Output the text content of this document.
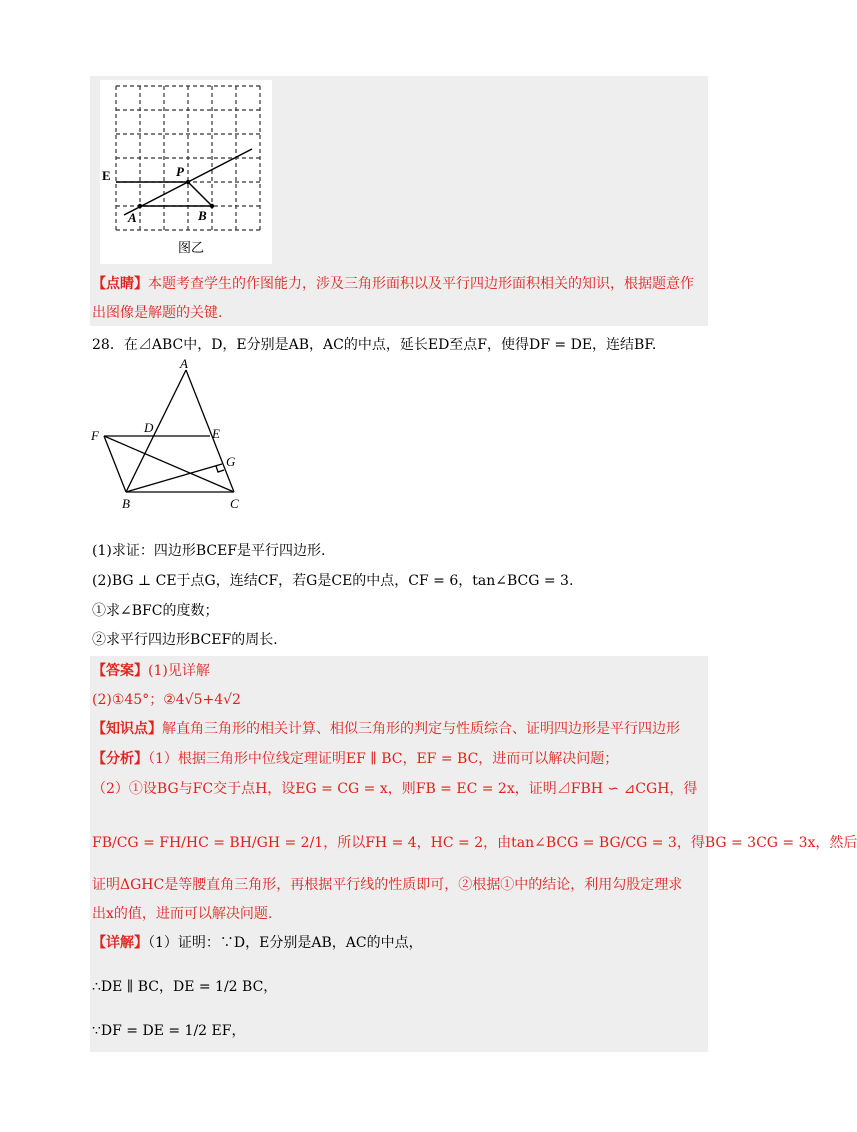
E	P
A	B
图乙
【点睛】本题考查学生的作图能力，涉及三角形面积以及平行四边形面积相关的知识，根据题意作
出图像是解题的关键.
28．在⊿ABC中，D，E分别是AB，AC的中点，延长ED至点F，使得DF = DE，连结BF.
A
D	E
F
G
B	C
(1)求证：四边形BCEF是平行四边形.
(2)BG ⊥ CE于点G，连结CF，若G是CE的中点，CF = 6，tan∠BCG = 3.
①求∠BFC的度数；
②求平行四边形BCEF的周长.
【答案】(1)见详解
(2)①45°；②4√5+4√2
【知识点】解直角三角形的相关计算、相似三角形的判定与性质综合、证明四边形是平行四边形
【分析】（1）根据三角形中位线定理证明EF ∥ BC，EF = BC，进而可以解决问题；
（2）①设BG与FC交于点H，设EG = CG = x，则FB = EC = 2x，证明⊿FBH ∽ ⊿CGH，得
FB/CG = FH/HC = BH/GH = 2/1，所以FH = 4，HC = 2，由tan∠BCG = BG/CG = 3，得BG = 3CG = 3x，然后
证明ΔGHC是等腰直角三角形，再根据平行线的性质即可，②根据①中的结论，利用勾股定理求
出x的值，进而可以解决问题.
【详解】（1）证明：∵D，E分别是AB，AC的中点，
∴DE ∥ BC，DE = 1/2 BC，
∵DF = DE = 1/2 EF，
